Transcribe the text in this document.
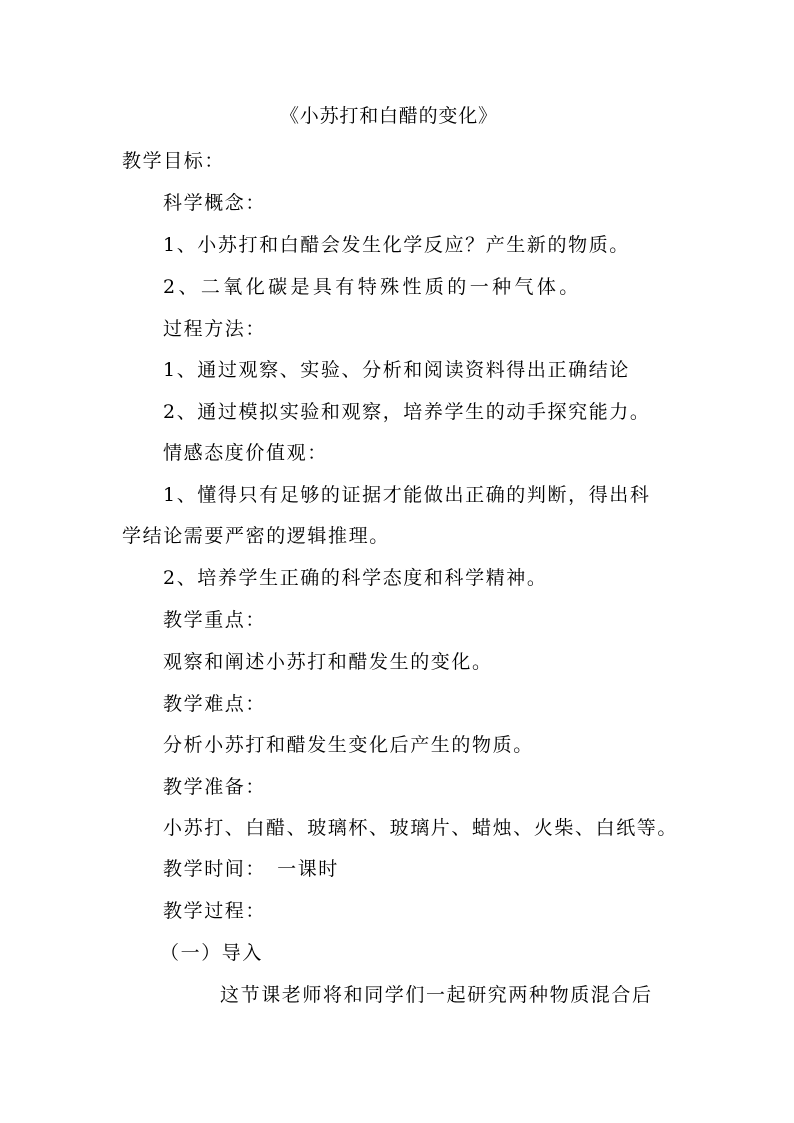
《小苏打和白醋的变化》
教学目标：
科学概念：
1、小苏打和白醋会发生化学反应？产生新的物质。
2、二氧化碳是具有特殊性质的一种气体。
过程方法：
1、通过观察、实验、分析和阅读资料得出正确结论
2、通过模拟实验和观察，培养学生的动手探究能力。
情感态度价值观：
1、懂得只有足够的证据才能做出正确的判断，得出科
学结论需要严密的逻辑推理。
2、培养学生正确的科学态度和科学精神。
教学重点：
观察和阐述小苏打和醋发生的变化。
教学难点：
分析小苏打和醋发生变化后产生的物质。
教学准备：
小苏打、白醋、玻璃杯、玻璃片、蜡烛、火柴、白纸等。
教学时间：　一课时
教学过程：
（一）导入
这节课老师将和同学们一起研究两种物质混合后
